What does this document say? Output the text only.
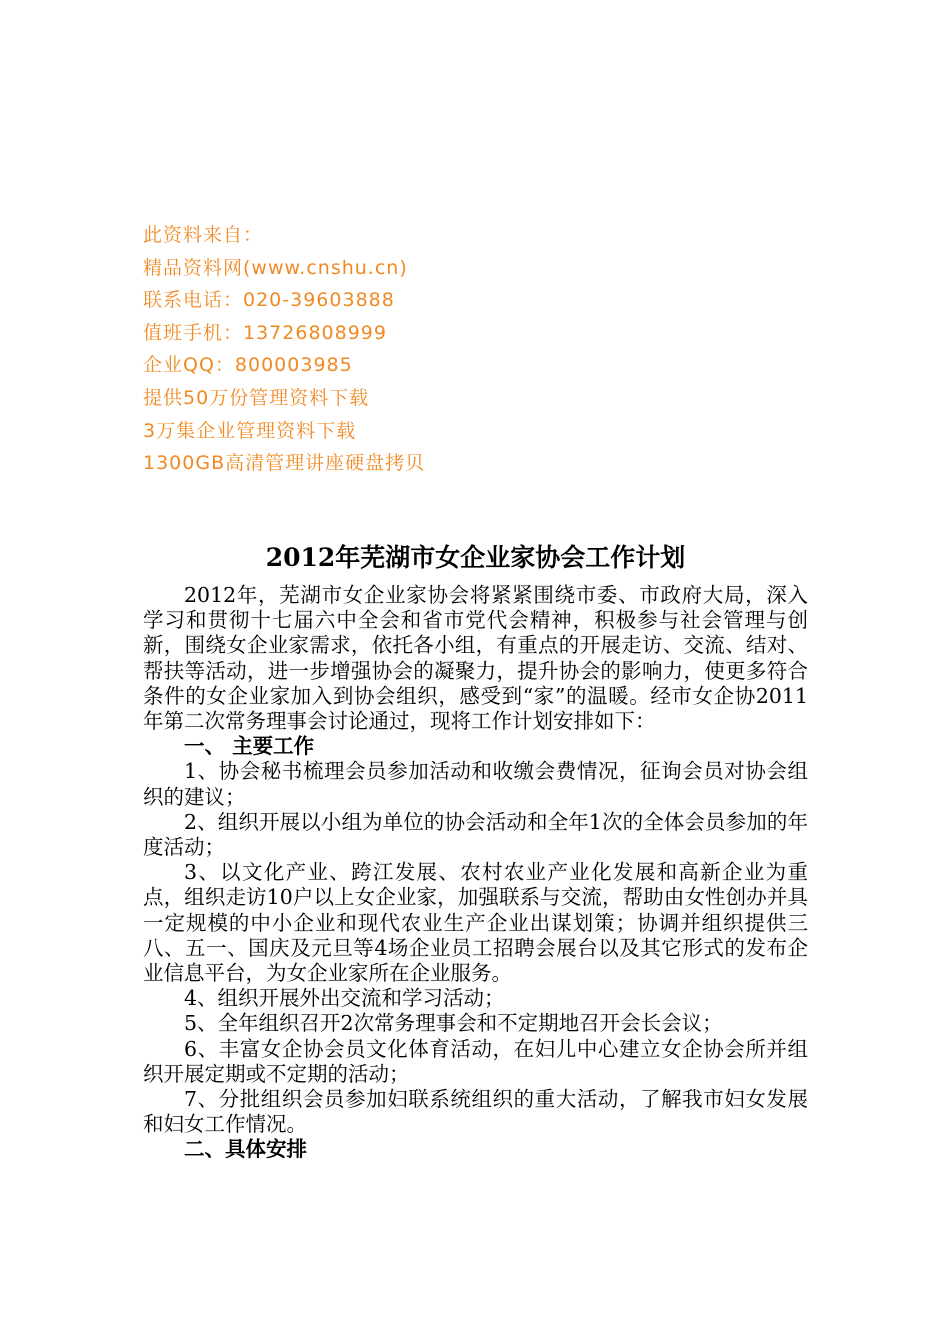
此资料来自：
精品资料网(www.cnshu.cn)
联系电话：020-39603888
值班手机：13726808999
企业QQ：800003985
提供50万份管理资料下载
3万集企业管理资料下载
1300GB高清管理讲座硬盘拷贝
2012年芜湖市女企业家协会工作计划

2012年，芜湖市女企业家协会将紧紧围绕市委、市政府大局，深入学习和贯彻十七届六中全会和省市党代会精神，积极参与社会管理与创新，围绕女企业家需求，依托各小组，有重点的开展走访、交流、结对、帮扶等活动，进一步增强协会的凝聚力，提升协会的影响力，使更多符合条件的女企业家加入到协会组织，感受到“家”的温暖。经市女企协2011年第二次常务理事会讨论通过，现将工作计划安排如下：

一、 主要工作

1、协会秘书梳理会员参加活动和收缴会费情况，征询会员对协会组织的建议；

2、组织开展以小组为单位的协会活动和全年1次的全体会员参加的年度活动；

3、以文化产业、跨江发展、农村农业产业化发展和高新企业为重点，组织走访10户以上女企业家，加强联系与交流，帮助由女性创办并具一定规模的中小企业和现代农业生产企业出谋划策；协调并组织提供三八、五一、国庆及元旦等4场企业员工招聘会展台以及其它形式的发布企业信息平台，为女企业家所在企业服务。

4、组织开展外出交流和学习活动；

5、全年组织召开2次常务理事会和不定期地召开会长会议；

6、丰富女企协会员文化体育活动，在妇儿中心建立女企协会所并组织开展定期或不定期的活动；

7、分批组织会员参加妇联系统组织的重大活动，了解我市妇女发展和妇女工作情况。

二、具体安排
